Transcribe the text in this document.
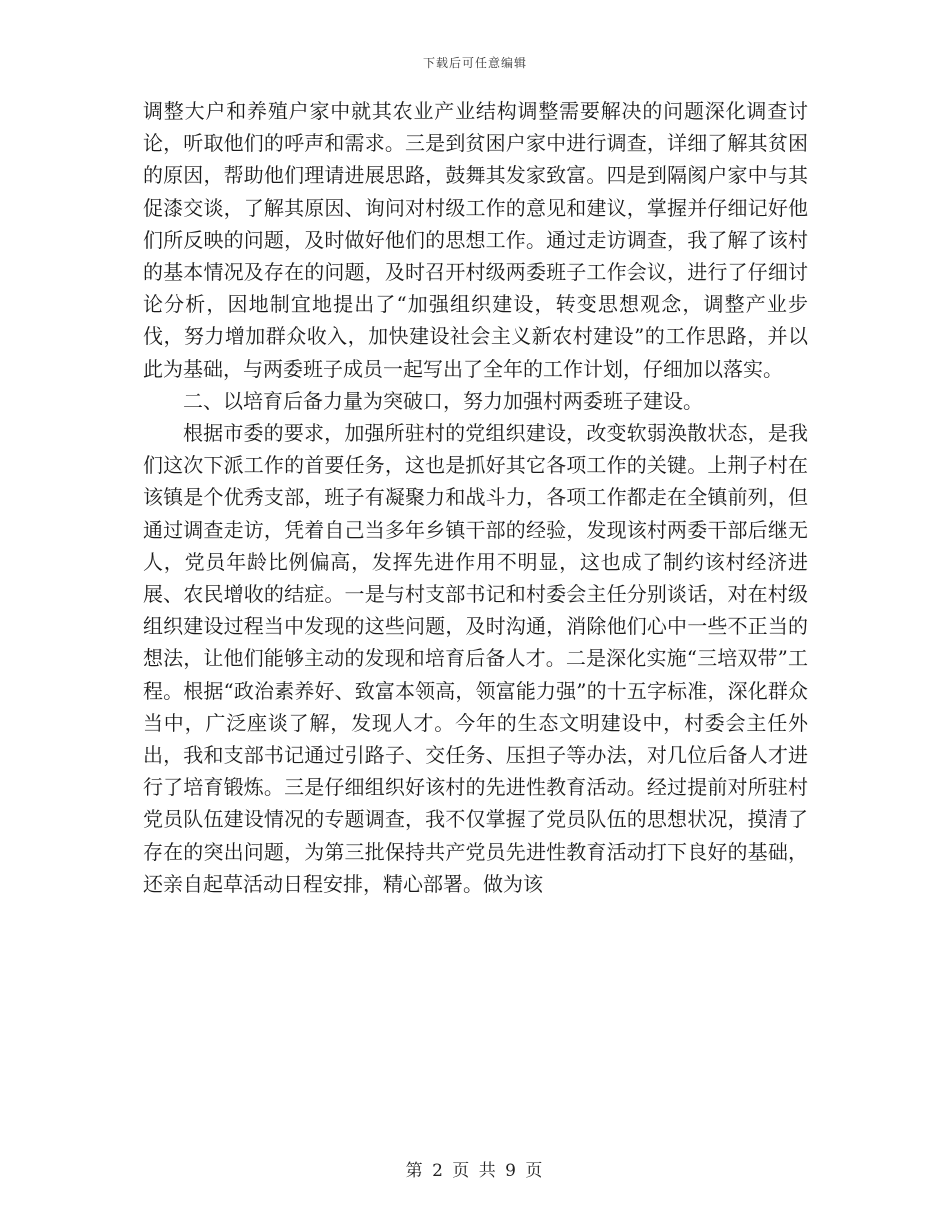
下载后可任意编辑

调整大户和养殖户家中就其农业产业结构调整需要解决的问题深化调查讨论，听取他们的呼声和需求。三是到贫困户家中进行调查，详细了解其贫困的原因，帮助他们理请进展思路，鼓舞其发家致富。四是到隔阂户家中与其促漆交谈，了解其原因、询问对村级工作的意见和建议，掌握并仔细记好他们所反映的问题，及时做好他们的思想工作。通过走访调查，我了解了该村的基本情况及存在的问题，及时召开村级两委班子工作会议，进行了仔细讨论分析，因地制宜地提出了“加强组织建设，转变思想观念，调整产业步伐，努力增加群众收入，加快建设社会主义新农村建设”的工作思路，并以此为基础，与两委班子成员一起写出了全年的工作计划，仔细加以落实。

二、以培育后备力量为突破口，努力加强村两委班子建设。

根据市委的要求，加强所驻村的党组织建设，改变软弱涣散状态，是我们这次下派工作的首要任务，这也是抓好其它各项工作的关键。上荆子村在该镇是个优秀支部，班子有凝聚力和战斗力，各项工作都走在全镇前列，但通过调查走访，凭着自己当多年乡镇干部的经验，发现该村两委干部后继无人，党员年龄比例偏高，发挥先进作用不明显，这也成了制约该村经济进展、农民增收的结症。一是与村支部书记和村委会主任分别谈话，对在村级组织建设过程当中发现的这些问题，及时沟通，消除他们心中一些不正当的想法，让他们能够主动的发现和培育后备人才。二是深化实施“三培双带”工程。根据“政治素养好、致富本领高，领富能力强”的十五字标准，深化群众当中，广泛座谈了解，发现人才。今年的生态文明建设中，村委会主任外出，我和支部书记通过引路子、交任务、压担子等办法，对几位后备人才进行了培育锻炼。三是仔细组织好该村的先进性教育活动。经过提前对所驻村党员队伍建设情况的专题调查，我不仅掌握了党员队伍的思想状况，摸清了存在的突出问题，为第三批保持共产党员先进性教育活动打下良好的基础，还亲自起草活动日程安排，精心部署。做为该

第 2 页 共 9 页
